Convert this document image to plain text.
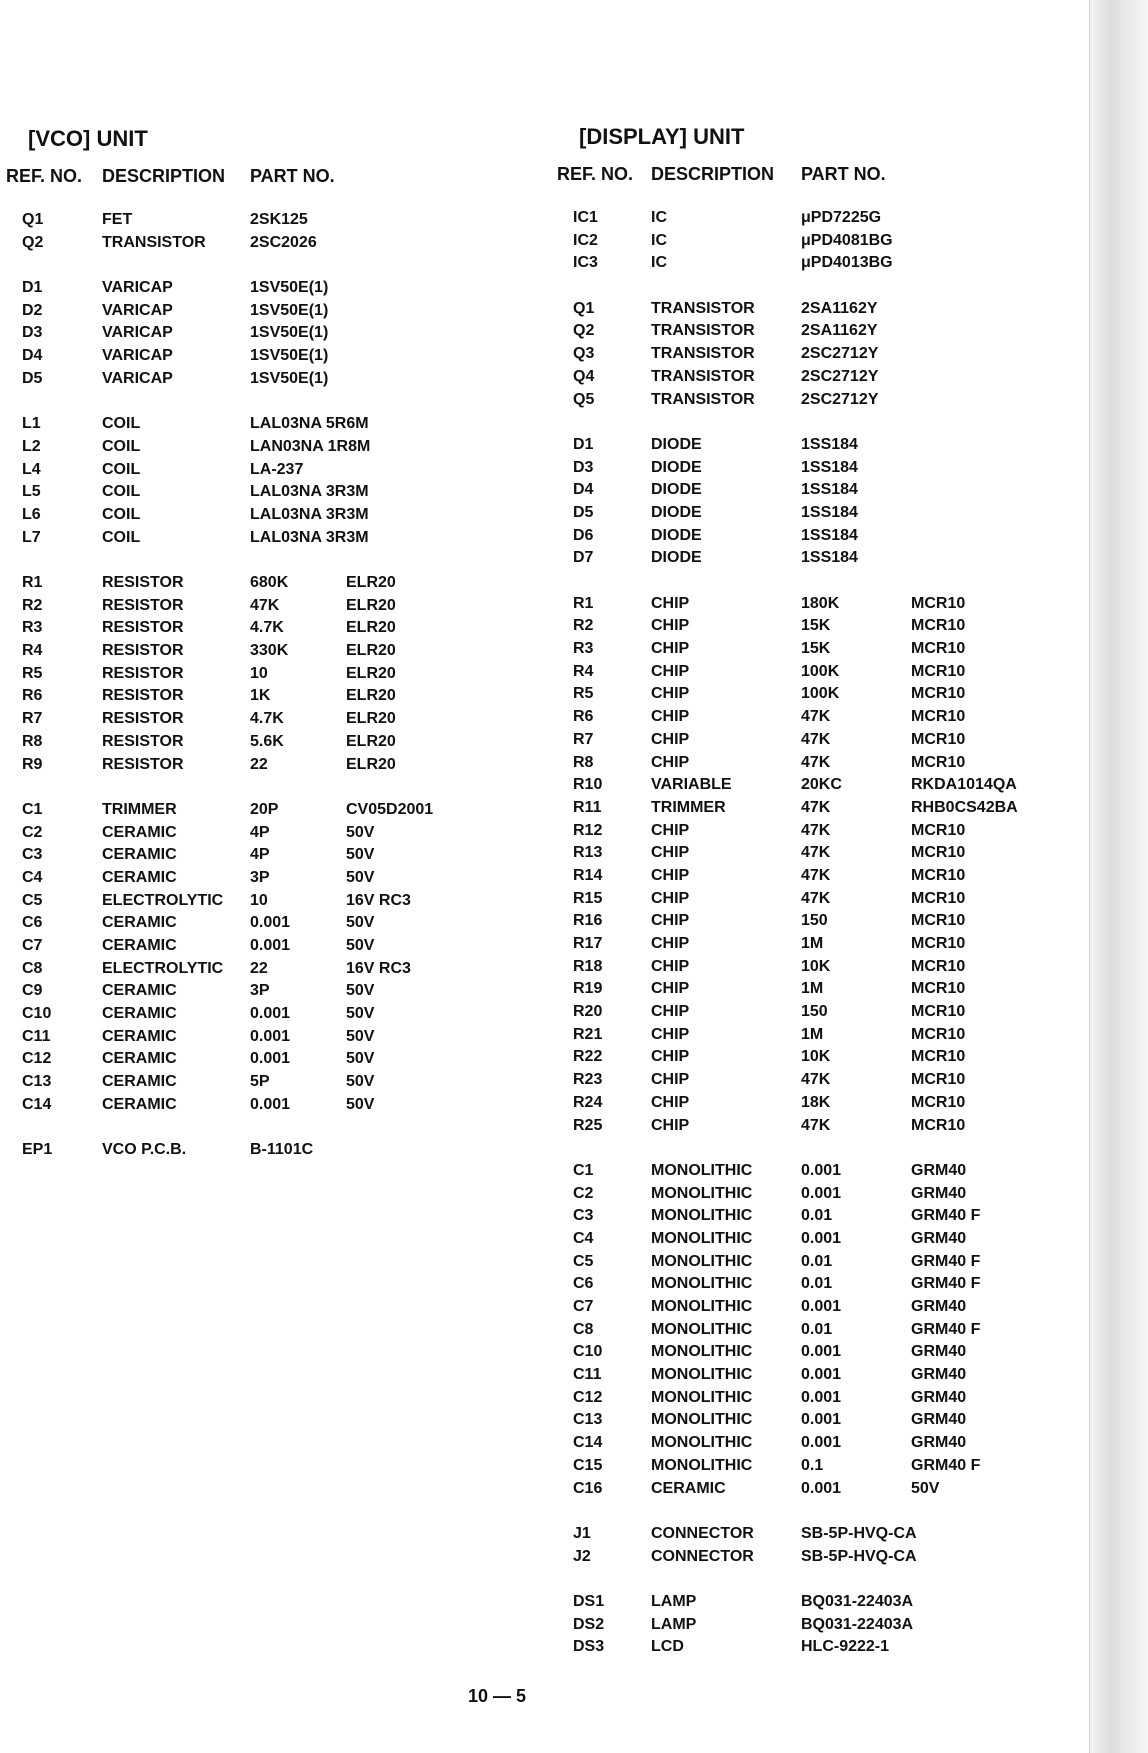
[VCO] UNIT
REF. NO.	DESCRIPTION	PART NO.
Q1	FET	2SK125
Q2	TRANSISTOR	2SC2026
D1	VARICAP	1SV50E(1)
D2	VARICAP	1SV50E(1)
D3	VARICAP	1SV50E(1)
D4	VARICAP	1SV50E(1)
D5	VARICAP	1SV50E(1)
L1	COIL	LAL03NA 5R6M
L2	COIL	LAN03NA 1R8M
L4	COIL	LA-237
L5	COIL	LAL03NA 3R3M
L6	COIL	LAL03NA 3R3M
L7	COIL	LAL03NA 3R3M
R1	RESISTOR	680K	ELR20
R2	RESISTOR	47K	ELR20
R3	RESISTOR	4.7K	ELR20
R4	RESISTOR	330K	ELR20
R5	RESISTOR	10	ELR20
R6	RESISTOR	1K	ELR20
R7	RESISTOR	4.7K	ELR20
R8	RESISTOR	5.6K	ELR20
R9	RESISTOR	22	ELR20
C1	TRIMMER	20P	CV05D2001
C2	CERAMIC	4P	50V
C3	CERAMIC	4P	50V
C4	CERAMIC	3P	50V
C5	ELECTROLYTIC	10	16V RC3
C6	CERAMIC	0.001	50V
C7	CERAMIC	0.001	50V
C8	ELECTROLYTIC	22	16V RC3
C9	CERAMIC	3P	50V
C10	CERAMIC	0.001	50V
C11	CERAMIC	0.001	50V
C12	CERAMIC	0.001	50V
C13	CERAMIC	5P	50V
C14	CERAMIC	0.001	50V
EP1	VCO P.C.B.	B-1101C
[DISPLAY] UNIT
REF. NO. DESCRIPTION	PART NO.
IC1	IC	μPD7225G
IC2	IC	μPD4081BG
IC3	IC	μPD4013BG
Q1	TRANSISTOR	2SA1162Y
Q2	TRANSISTOR	2SA1162Y
Q3	TRANSISTOR	2SC2712Y
Q4	TRANSISTOR	2SC2712Y
Q5	TRANSISTOR	2SC2712Y
D1	DIODE	1SS184
D3	DIODE	1SS184
D4	DIODE	1SS184
D5	DIODE	1SS184
D6	DIODE	1SS184
D7	DIODE	1SS184
R1	CHIP	180K	MCR10
R2	CHIP	15K	MCR10
R3	CHIP	15K	MCR10
R4	CHIP	100K	MCR10
R5	CHIP	100K	MCR10
R6	CHIP	47K	MCR10
R7	CHIP	47K	MCR10
R8	CHIP	47K	MCR10
R10	VARIABLE	20KC	RKDA1014QA
R11	TRIMMER	47K	RHB0CS42BA
R12	CHIP	47K	MCR10
R13	CHIP	47K	MCR10
R14	CHIP	47K	MCR10
R15	CHIP	47K	MCR10
R16	CHIP	150	MCR10
R17	CHIP	1M	MCR10
R18	CHIP	10K	MCR10
R19	CHIP	1M	MCR10
R20	CHIP	150	MCR10
R21	CHIP	1M	MCR10
R22	CHIP	10K	MCR10
R23	CHIP	47K	MCR10
R24	CHIP	18K	MCR10
R25	CHIP	47K	MCR10
C1	MONOLITHIC	0.001	GRM40
C2	MONOLITHIC	0.001	GRM40
C3	MONOLITHIC	0.01	GRM40 F
C4	MONOLITHIC	0.001	GRM40
C5	MONOLITHIC	0.01	GRM40 F
C6	MONOLITHIC	0.01	GRM40 F
C7	MONOLITHIC	0.001	GRM40
C8	MONOLITHIC	0.01	GRM40 F
C10	MONOLITHIC	0.001	GRM40
C11	MONOLITHIC	0.001	GRM40
C12	MONOLITHIC	0.001	GRM40
C13	MONOLITHIC	0.001	GRM40
C14	MONOLITHIC	0.001	GRM40
C15	MONOLITHIC	0.1	GRM40 F
C16	CERAMIC	0.001	50V
J1	CONNECTOR	SB-5P-HVQ-CA
J2	CONNECTOR	SB-5P-HVQ-CA
DS1	LAMP	BQ031-22403A
DS2	LAMP	BQ031-22403A
DS3	LCD	HLC-9222-1
10 — 5
